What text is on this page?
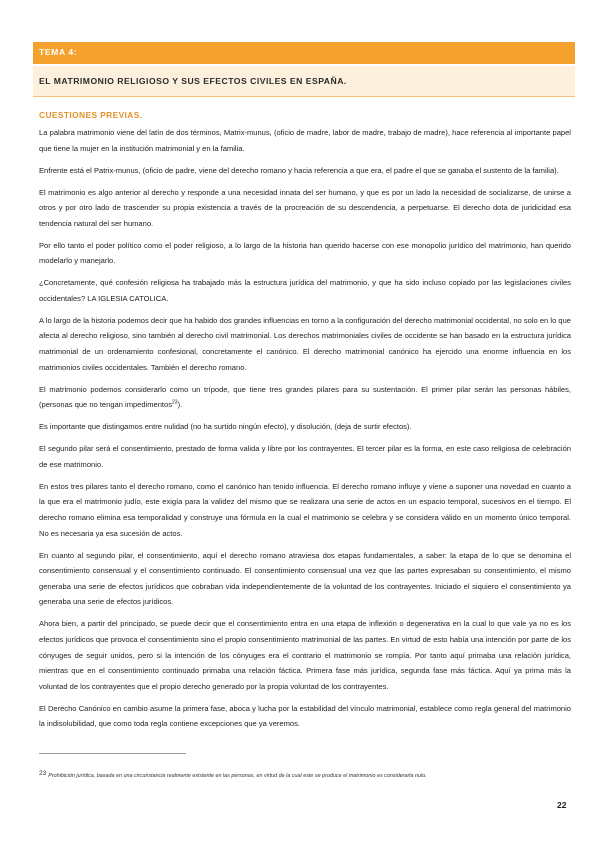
TEMA 4:
EL MATRIMONIO RELIGIOSO Y SUS EFECTOS CIVILES EN ESPAÑA.
CUESTIONES PREVIAS.

La palabra matrimonio viene del latín de dos términos, Matrix-munus, (oficio de madre, labor de madre, trabajo de madre), hace referencia al importante papel que tiene la mujer en la institución matrimonial y en la familia.

Enfrente está el Patrix-munus, (oficio de padre, viene del derecho romano y hacia referencia a que era, el padre el que se ganaba el sustento de la familia).

El matrimonio es algo anterior al derecho y responde a una necesidad innata del ser humano, y que es por un lado la necesidad de socializarse, de unirse a otros y por otro lado de trascender su propia existencia a través de la procreación de su descendencia, a perpetuarse. El derecho dota de juridicidad esa tendencia natural del ser humano.

Por ello tanto el poder político como el poder religioso, a lo largo de la historia han querido hacerse con ese monopolio jurídico del matrimonio, han querido modelarlo y manejarlo.

¿Concretamente, qué confesión religiosa ha trabajado más la estructura jurídica del matrimonio, y que ha sido incluso copiado por las legislaciones civiles occidentales? LA IGLESIA CATOLICA.

A lo largo de la historia podemos decir que ha habido dos grandes influencias en torno a la configuración del derecho matrimonial occidental, no solo en lo que afecta al derecho religioso, sino también al derecho civil matrimonial. Los derechos matrimoniales civiles de occidente se han basado en la estructura jurídica matrimonial de un ordenamiento confesional, concretamente el canónico. El derecho matrimonial canónico ha ejercido una enorme influencia en los matrimonios civiles occidentales. También el derecho romano.

El matrimonio podemos considerarlo como un trípode, que tiene tres grandes pilares para su sustentación. El primer pilar serán las personas hábiles, (personas que no tengan impedimentos$^{23}$).

Es importante que distingamos entre nulidad (no ha surtido ningún efecto), y disolución, (deja de surtir efectos).

El segundo pilar será el consentimiento, prestado de forma valida y libre por los contrayentes. El tercer pilar es la forma, en este caso religiosa de celebración de ese matrimonio.

En estos tres pilares tanto el derecho romano, como el canónico han tenido influencia. El derecho romano influye y viene a suponer una novedad en cuanto a la que era el matrimonio judío, este exigía para la validez del mismo que se realizara una serie de actos en un espacio temporal, sucesivos en el tiempo. El derecho romano elimina esa temporalidad y construye una fórmula en la cual el matrimonio se celebra y se considera válido en un momento único temporal. No es necesaria ya esa sucesión de actos.

En cuanto al segundo pilar, el consentimiento, aquí el derecho romano atraviesa dos etapas fundamentales, a saber: la etapa de lo que se denomina el consentimiento consensual y el consentimiento continuado. El consentimiento consensual una vez que las partes expresaban su consentimiento, el mismo generaba una serie de efectos jurídicos que cobraban vida independientemente de la voluntad de los contrayentes. Iniciado el siquiero el consentimiento ya generaba una serie de efectos jurídicos.

Ahora bien, a partir del principado, se puede decir que el consentimiento entra en una etapa de inflexión o degenerativa en la cual lo que vale ya no es los efectos jurídicos que provoca el consentimiento sino el propio consentimiento matrimonial de las partes. En virtud de esto había una intención por parte de los cónyuges de seguir unidos, pero si la intención de los cónyuges era el contrario el matrimonio se rompía. Por tanto aquí primaba una relación jurídica, mientras que en el consentimiento continuado primaba una relación fáctica. Primera fase más jurídica, segunda fase más fáctica. Aquí ya prima más la voluntad de los contrayentes que el propio derecho generado por la propia voluntad de los contrayentes.

El Derecho Canónico en cambio asume la primera fase, aboca y lucha por la estabilidad del vínculo matrimonial, establece como regla general del matrimonio la indisolubilidad, que como toda regla contiene excepciones que ya veremos.

23 Prohibición jurídica, basada en una circunstancia realmente existente en las personas, en virtud de la cual este se produce el matrimonio es considerarla nulo.
22
